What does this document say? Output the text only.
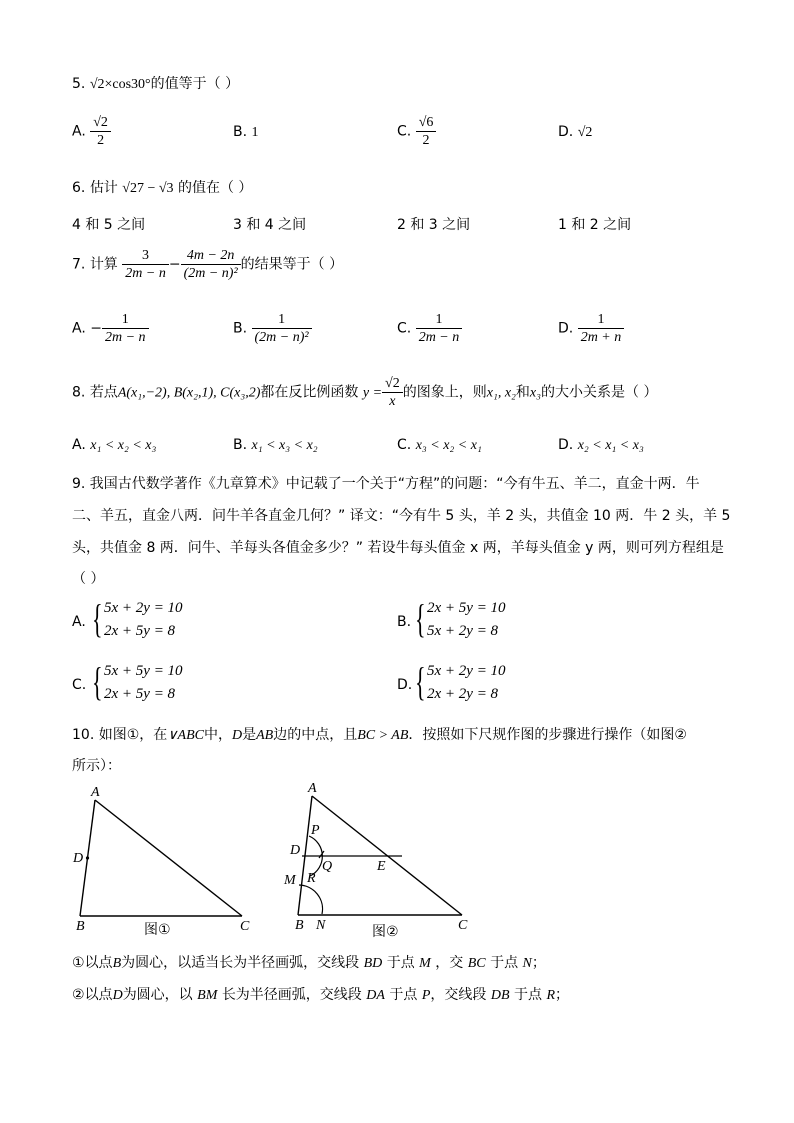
5. √2×cos30°的值等于（ ）
A. $\frac{√2}{2}$	B. 1	C. $\frac{√6}{2}$	D. √2
6. 估计 √27 − √3 的值在（ ）
4 和 5 之间	3 和 4 之间	2 和 3 之间	1 和 2 之间
7. 计算 $\frac{3}{2m - n} - \frac{4m - 2n}{\text{(2m − n)²}}$ 的结果等于（ ）
A. − $\frac{1}{2m - n}$	B. $\frac{1}{\text{(2m − n)²}}$	C. $\frac{1}{2m - n}$	D. $\frac{1}{2m + n}$
8. 若点A(x₁,−2), B(x₂,1), C(x₃,2)都在反比例函数 $y = \frac{√2}{x}$ 的图象上，则x₁, x₂和x₃的大小关系是（ ）
A. x₁ < x₂ < x₃	B. x₁ < x₃ < x₂	C. x₃ < x₂ < x₁	D. x₂ < x₁ < x₃
9. 我国古代数学著作《九章算术》中记载了一个关于“方程”的问题：“今有牛五、羊二，直金十两．牛
二、羊五，直金八两．问牛羊各直金几何？” 译文：“今有牛 5 头，羊 2 头，共值金 10 两．牛 2 头，羊 5
头，共值金 8 两．问牛、羊每头各值金多少？” 若设牛每头值金 x 两，羊每头值金 y 两，则可列方程组是
（ ）
A. { 5x + 2y = 10
2x + 5y = 8
B. { 2x + 5y = 10
5x + 2y = 8
C. { 5x + 5y = 10
2x + 5y = 8
D. { 5x + 2y = 10
2x + 2y = 8
10. 如图①，在∨ABC中，D是AB边的中点，且BC > AB．按照如下尺规作图的步骤进行操作（如图②
所示）：
A
D
B	C
图①
A
P
D
Q	E
M R
B N	C
图②
①以点B为圆心，以适当长为半径画弧，交线段 BD 于点 M ，交 BC 于点 N；
②以点D为圆心，以 BM 长为半径画弧，交线段 DA 于点 P，交线段 DB 于点 R；
